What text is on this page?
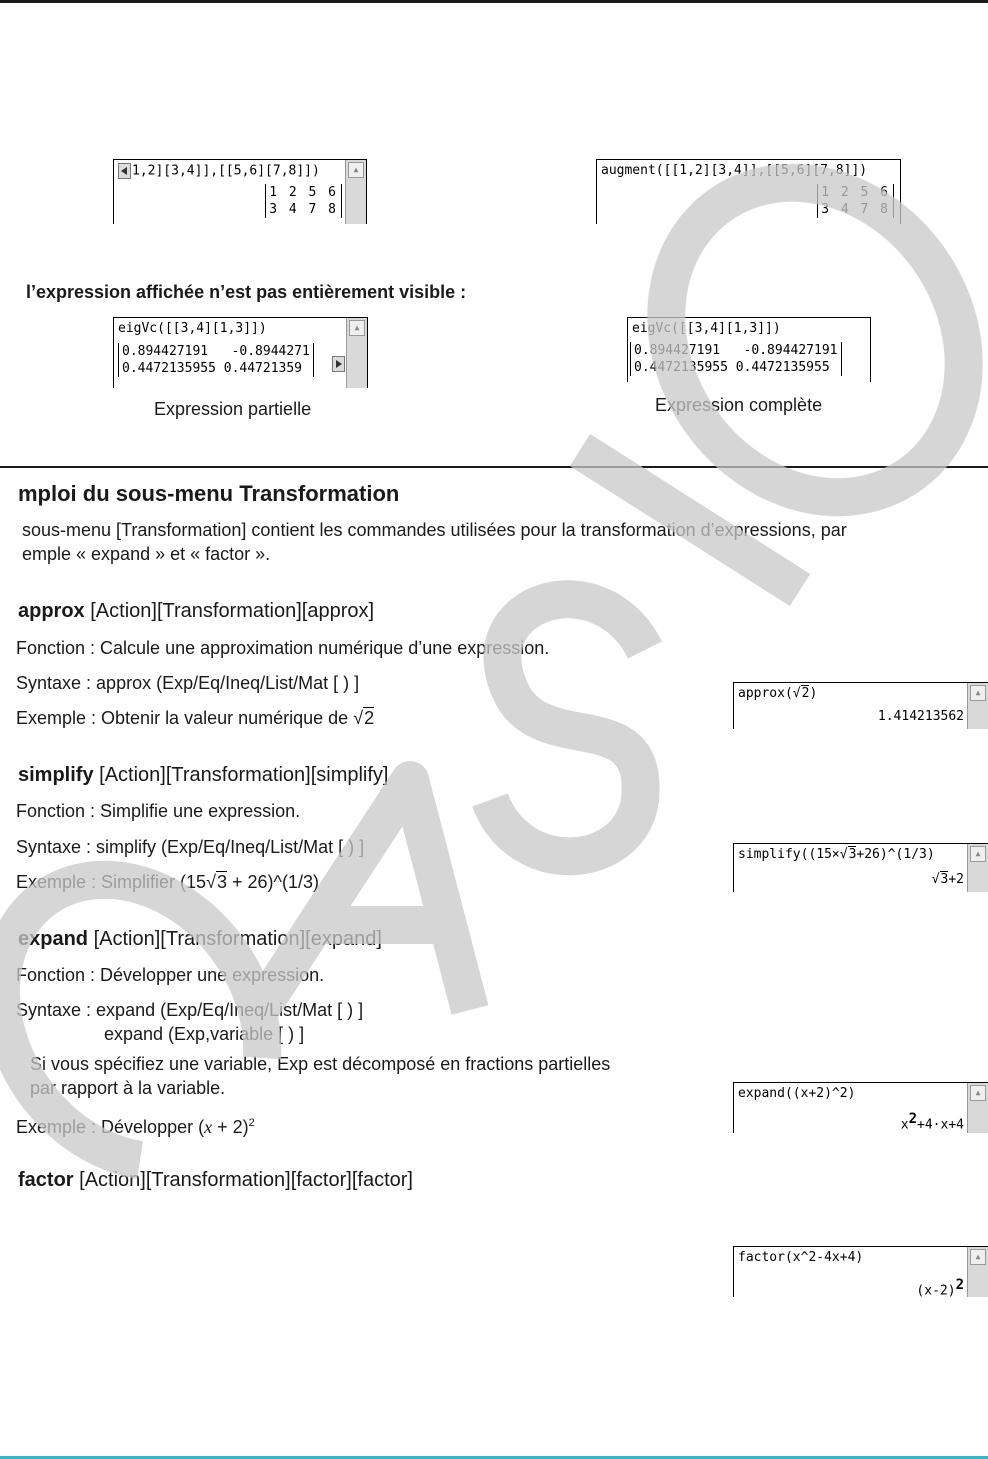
1,2][3,4]],[[5,6][7,8]])
1 2 5 6
3 4 7 8
▲	augment([[1,2][3,4]],[[5,6][7,8]])
1 2 5 6
3 4 7 8
l’expression affichée n’est pas entièrement visible :
eigVc([[3,4][1,3]])
0.894427191   -0.8944271
0.4472135955 0.44721359
▲	eigVc([[3,4][1,3]])
0.894427191   -0.894427191
0.4472135955 0.4472135955
Expression partielle	Expression complète
mploi du sous-menu Transformation
sous-menu [Transformation] contient les commandes utilisées pour la transformation d’expressions, par
emple « expand » et « factor ».
approx [Action][Transformation][approx]
Fonction : Calcule une approximation numérique d’une expression.
Syntaxe : approx (Exp/Eq/Ineq/List/Mat [ ) ]
Exemple : Obtenir la valeur numérique de √2
approx(√2)
1.414213562
▲
simplify [Action][Transformation][simplify]
Fonction : Simplifie une expression.
Syntaxe : simplify (Exp/Eq/Ineq/List/Mat [ ) ]
Exemple : Simplifier (15√3 + 26)^(1/3)
simplify((15×√3+26)^(1/3)
√3+2
▲
expand [Action][Transformation][expand]
Fonction : Développer une expression.
Syntaxe : expand (Exp/Eq/Ineq/List/Mat [ ) ]
expand (Exp,variable [ ) ]
Si vous spécifiez une variable, Exp est décomposé en fractions partielles
par rapport à la variable.
Exemple : Développer $(x + 2)^2$
expand((x+2)^2)
$x^2+4\cdot x+4$
▲
factor [Action][Transformation][factor][factor]
factor(x^2-4x+4)
$(x-2)^2$
▲
